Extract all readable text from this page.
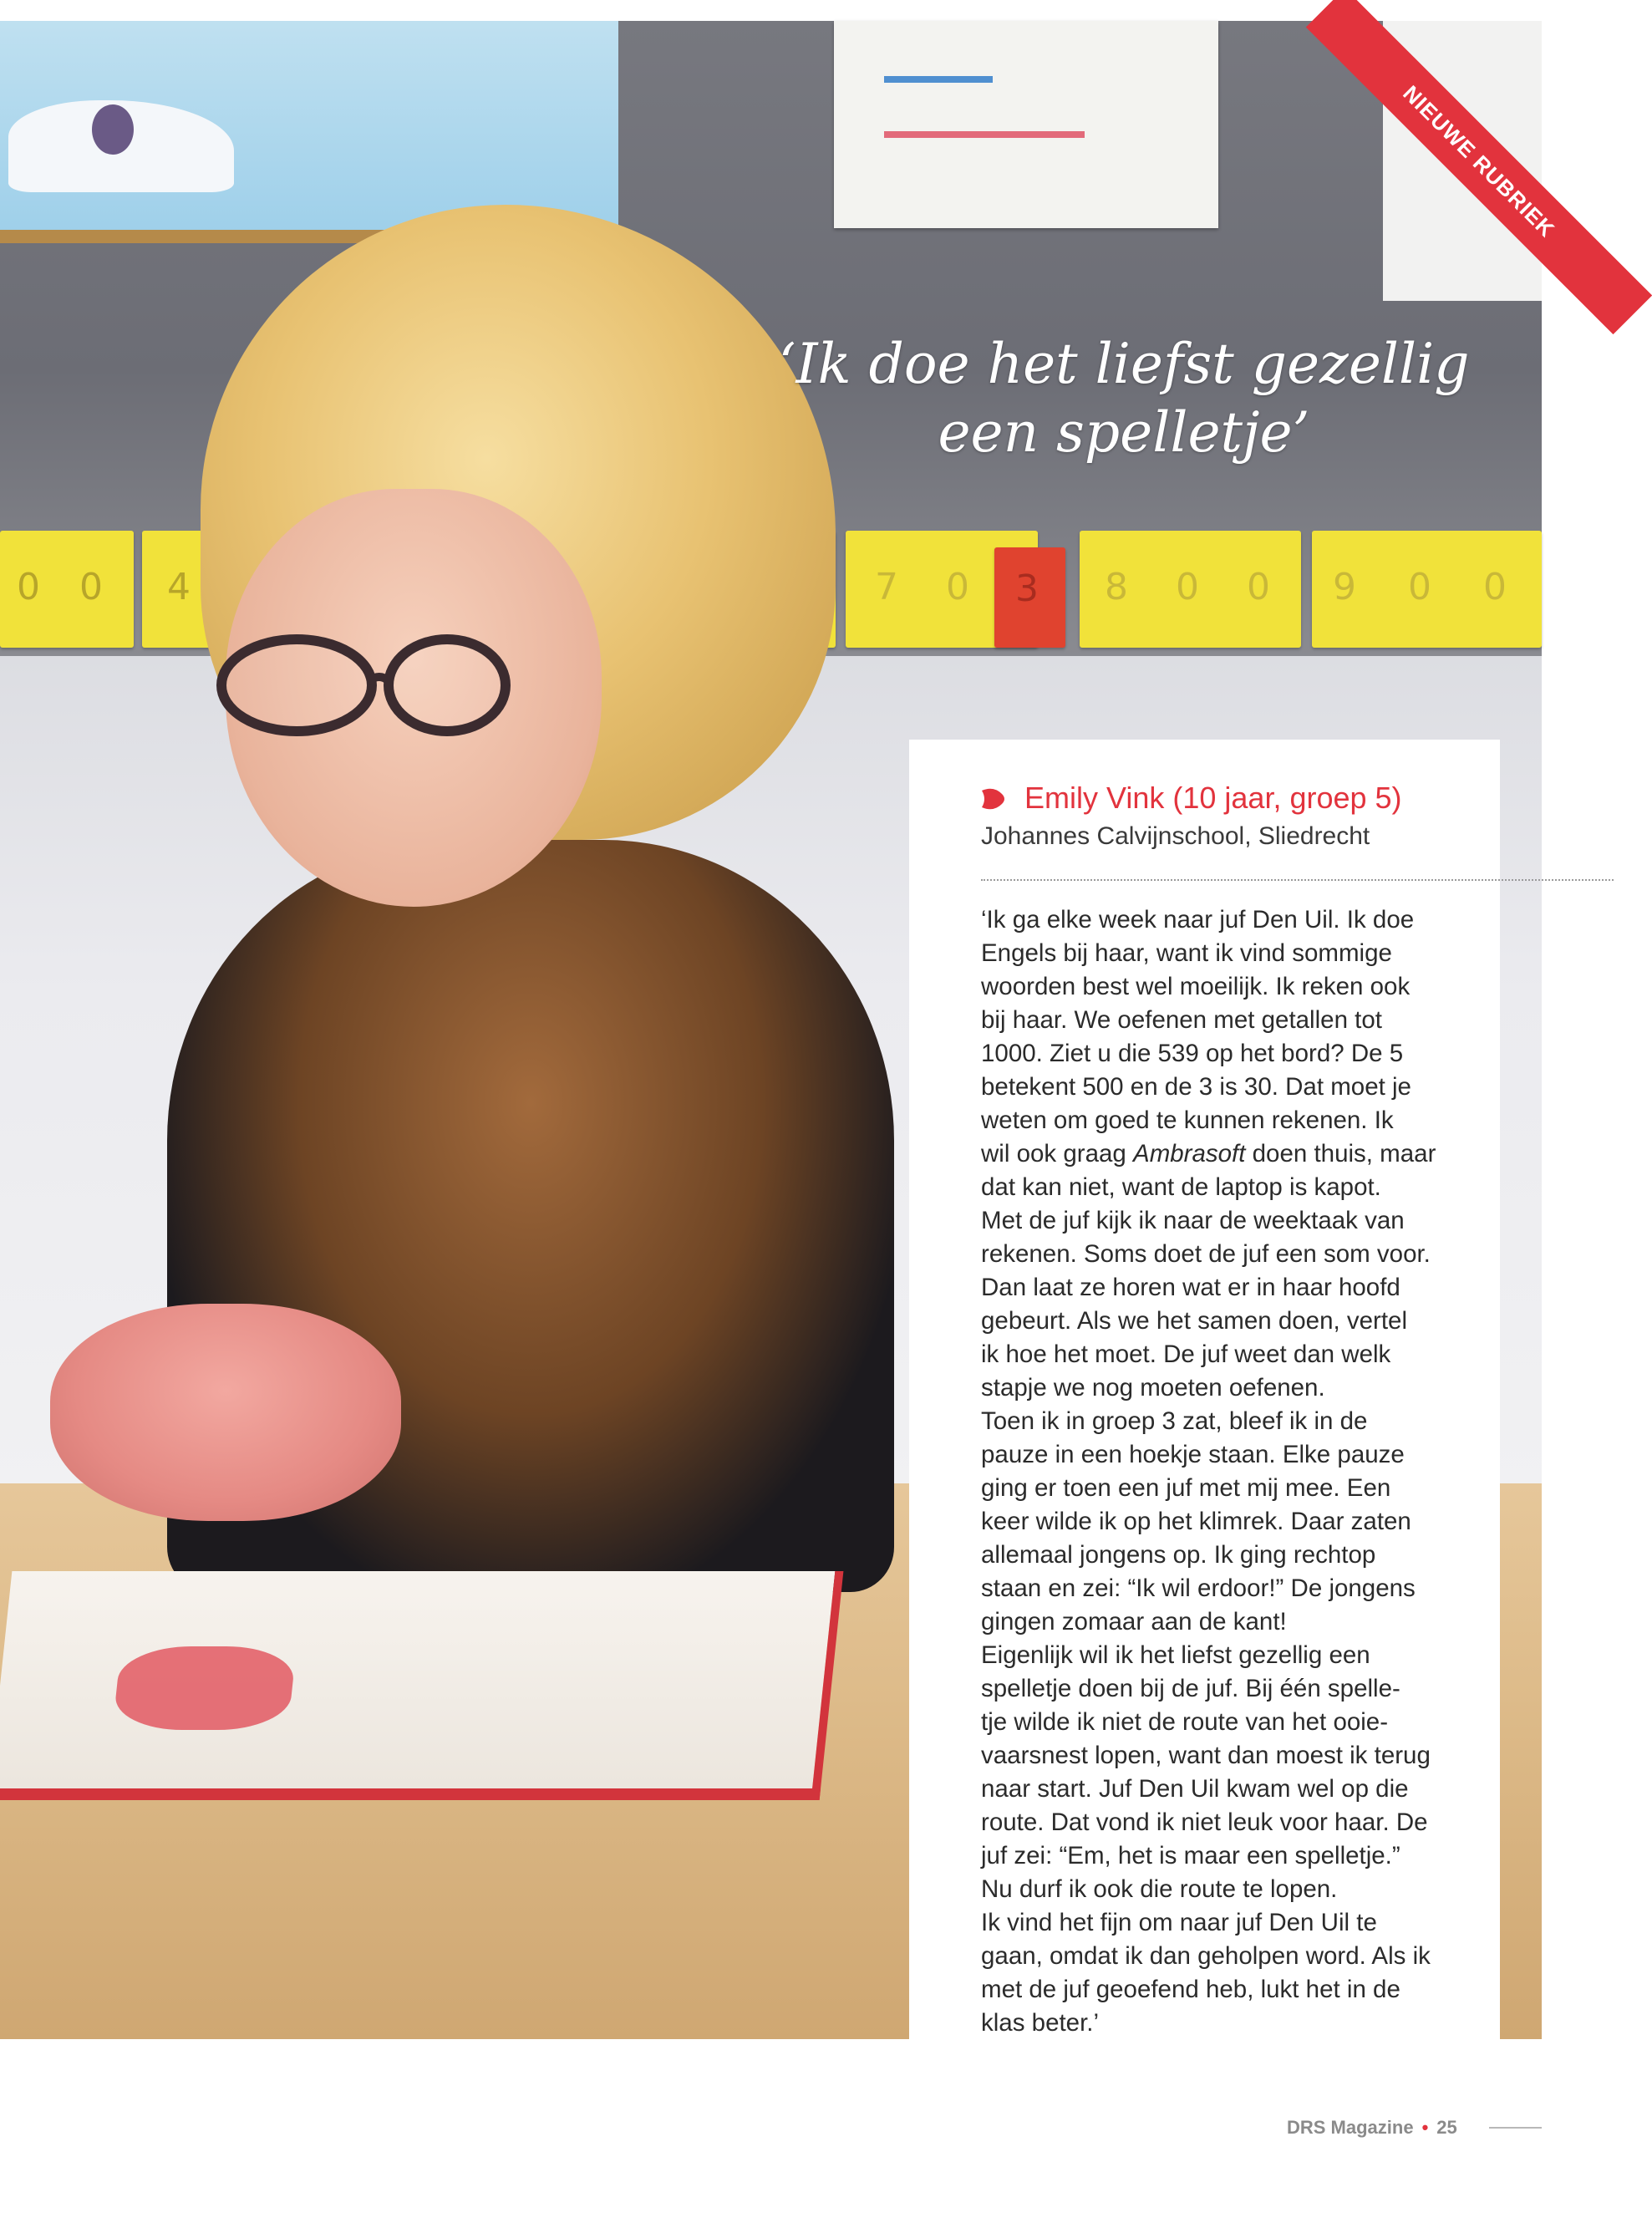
0 0 4	7 0 3 8 0 0 9 0 0
NIEUWE RUBRIEK
‘Ik doe het liefst gezellig
een spelletje’
Emily Vink (10 jaar, groep 5)
Johannes Calvijnschool, Sliedrecht
‘Ik ga elke week naar juf Den Uil. Ik doe
Engels bij haar, want ik vind sommige
woorden best wel moeilijk. Ik reken ook
bij haar. We oefenen met getallen tot
1000. Ziet u die 539 op het bord? De 5
betekent 500 en de 3 is 30. Dat moet je
weten om goed te kunnen rekenen. Ik
wil ook graag Ambrasoft doen thuis, maar
dat kan niet, want de laptop is kapot.
Met de juf kijk ik naar de weektaak van
rekenen. Soms doet de juf een som voor.
Dan laat ze horen wat er in haar hoofd
gebeurt. Als we het samen doen, vertel
ik hoe het moet. De juf weet dan welk
stapje we nog moeten oefenen.
Toen ik in groep 3 zat, bleef ik in de
pauze in een hoekje staan. Elke pauze
ging er toen een juf met mij mee. Een
keer wilde ik op het klimrek. Daar zaten
allemaal jongens op. Ik ging rechtop
staan en zei: “Ik wil erdoor!” De jongens
gingen zomaar aan de kant!
Eigenlijk wil ik het liefst gezellig een
spelletje doen bij de juf. Bij één spelle-
tje wilde ik niet de route van het ooie-
vaarsnest lopen, want dan moest ik terug
naar start. Juf Den Uil kwam wel op die
route. Dat vond ik niet leuk voor haar. De
juf zei: “Em, het is maar een spelletje.”
Nu durf ik ook die route te lopen.
Ik vind het fijn om naar juf Den Uil te
gaan, omdat ik dan geholpen word. Als ik
met de juf geoefend heb, lukt het in de
klas beter.’
DRS Magazine • 25
